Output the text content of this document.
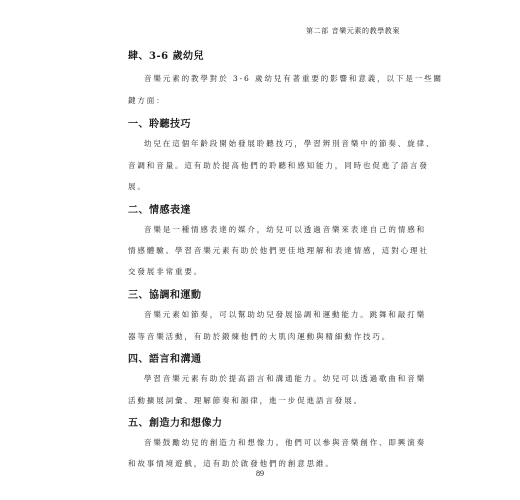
第二部 音樂元素的教學教案
肆、3-6 歲幼兒
音樂元素的教學對於 3-6 歲幼兒有著重要的影響和意義，以下是一些關
鍵方面：
一、聆聽技巧
幼兒在這個年齡段開始發展聆聽技巧，學習辨別音樂中的節奏、旋律、
音調和音量。這有助於提高他們的聆聽和感知能力，同時也促進了語言發
展。
二、情感表達
音樂是一種情感表達的媒介，幼兒可以透過音樂來表達自己的情感和
情感體驗。學習音樂元素有助於他們更佳地理解和表達情感，這對心理社
交發展非常重要。
三、協調和運動
音樂元素如節奏，可以幫助幼兒發展協調和運動能力。跳舞和敲打樂
器等音樂活動，有助於鍛煉他們的大肌肉運動與精細動作技巧。
四、語言和溝通
學習音樂元素有助於提高語言和溝通能力。幼兒可以透過歌曲和音樂
活動擴展詞彙、理解節奏和韻律，進一步促進語言發展。
五、創造力和想像力
音樂鼓勵幼兒的創造力和想像力。他們可以參與音樂創作、即興演奏
和故事情境遊戲，這有助於啟發他們的創意思維。
89
